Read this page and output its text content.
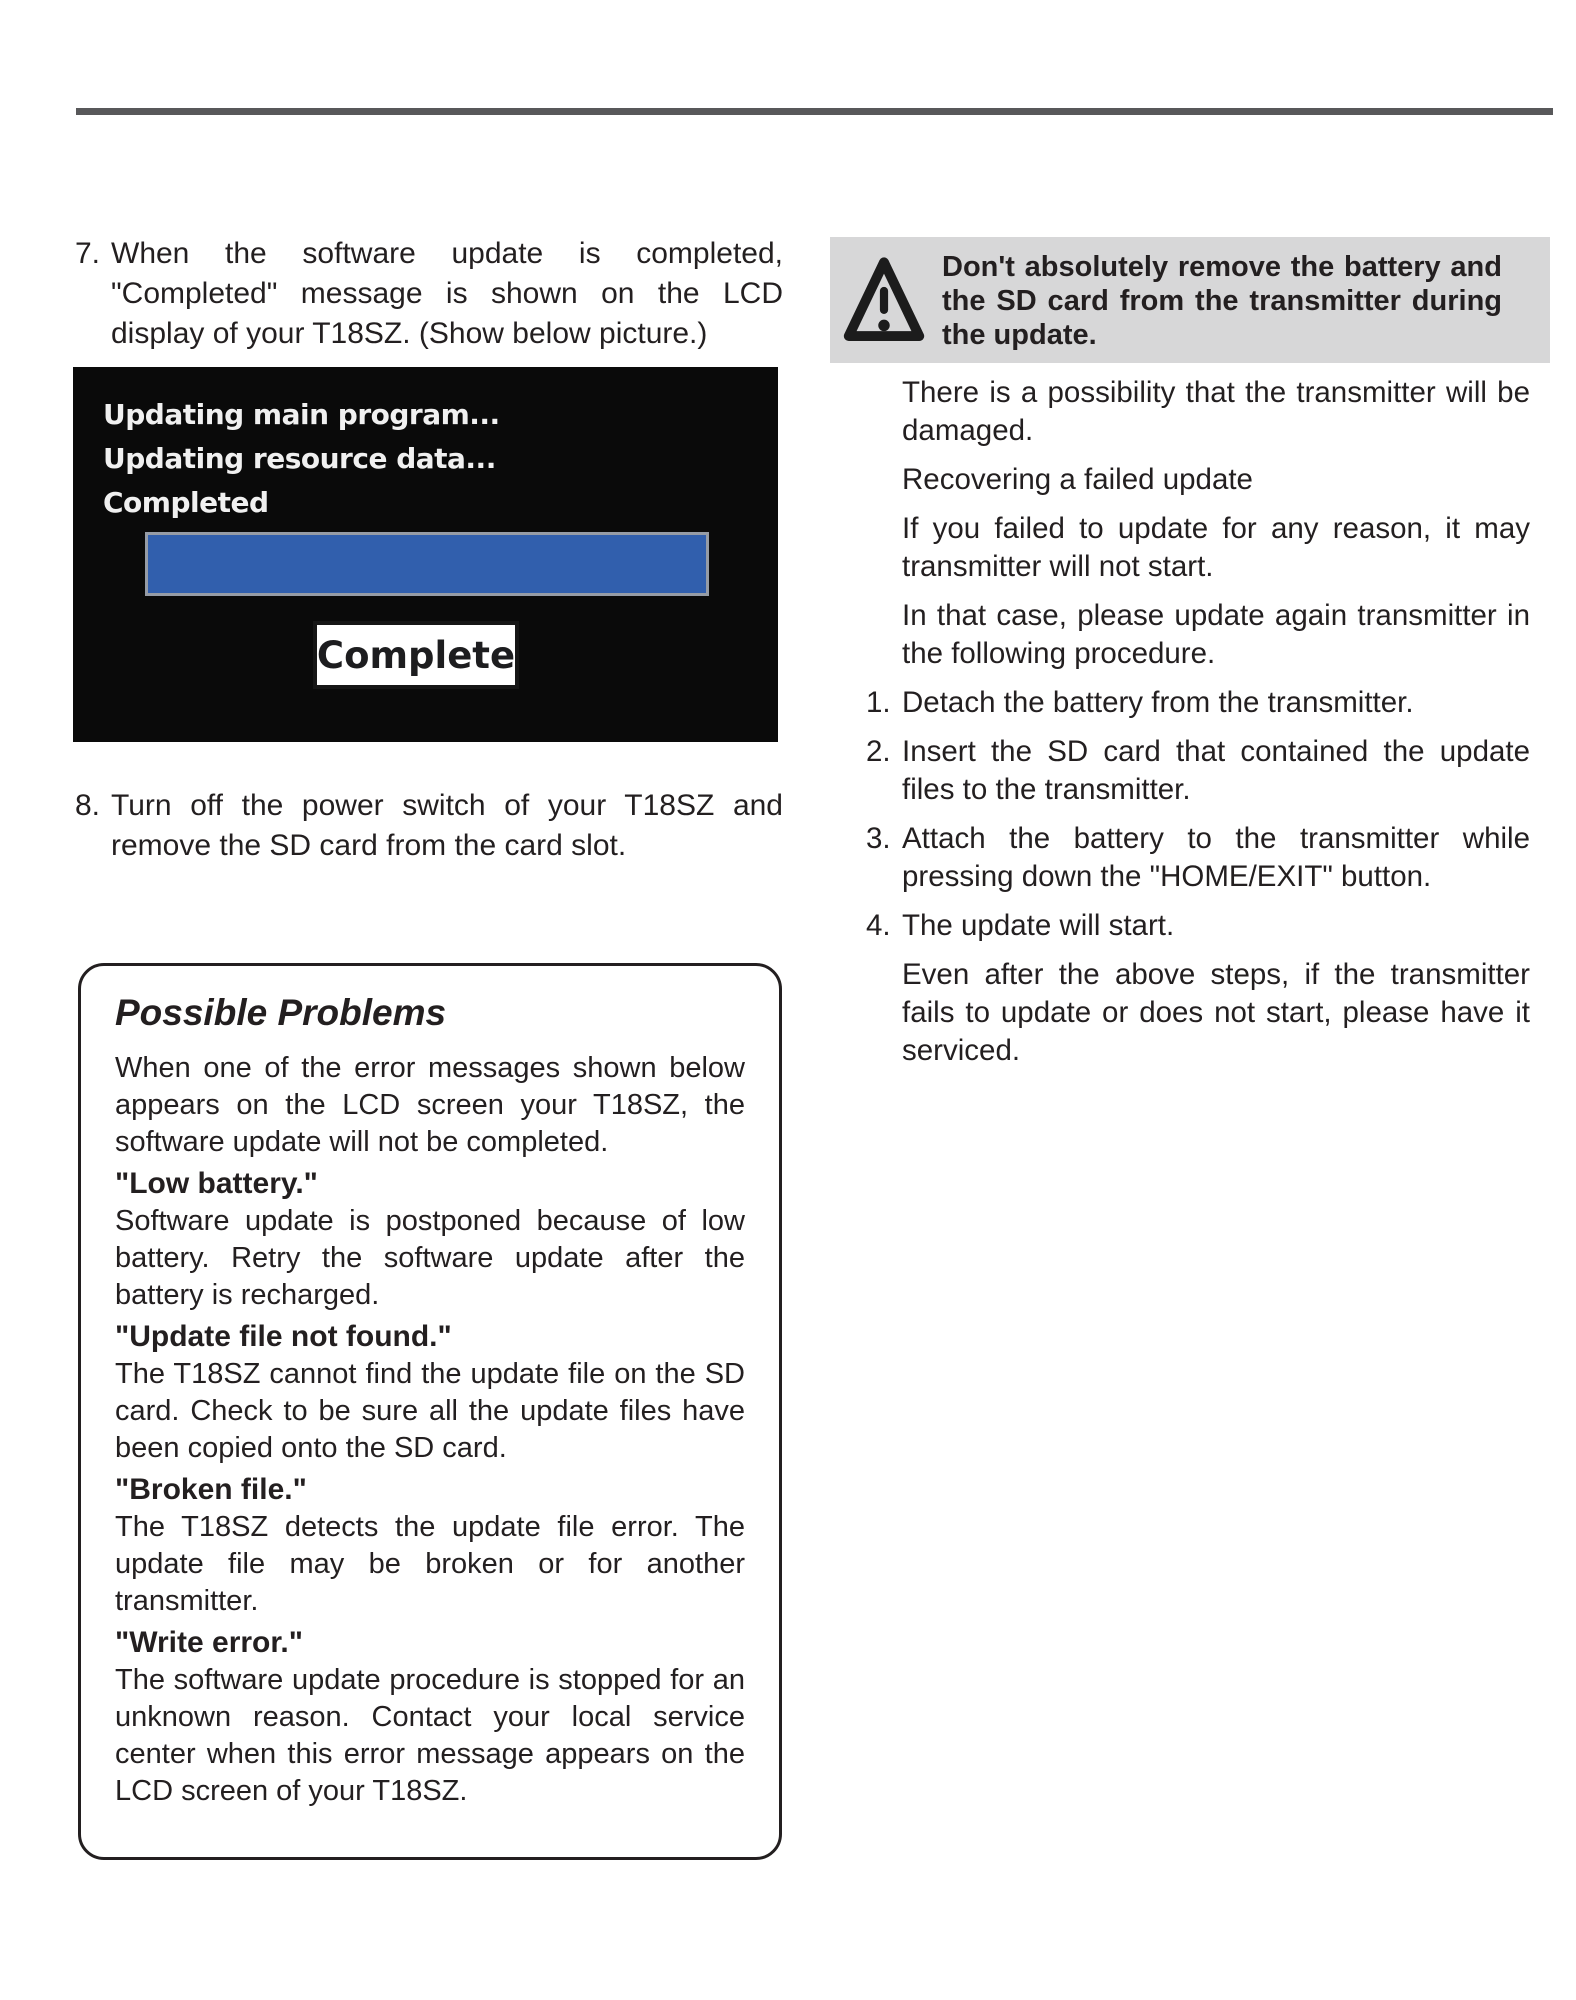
7. When the software update is completed, "Completed" message is shown on the LCD display of your T18SZ. (Show below picture.)
Updating main program...
Updating resource data...
Completed
Complete
8. Turn off the power switch of your T18SZ and remove the SD card from the card slot.
Possible Problems

When one of the error messages shown below appears on the LCD screen your T18SZ, the software update will not be completed.

"Low battery."

Software update is postponed because of low battery. Retry the software update after the battery is recharged.

"Update file not found."

The T18SZ cannot find the update file on the SD card. Check to be sure all the update files have been copied onto the SD card.

"Broken file."

The T18SZ detects the update file error. The update file may be broken or for another transmitter.

"Write error."

The software update procedure is stopped for an unknown reason. Contact your local service center when this error message appears on the LCD screen of your T18SZ.

Don't absolutely remove the battery and the SD card from the transmitter during the update.

There is a possibility that the transmitter will be damaged.

Recovering a failed update

If you failed to update for any reason, it may transmitter will not start.

In that case, please update again transmitter in the following procedure.

1. Detach the battery from the transmitter.
2. Insert the SD card that contained the update files to the transmitter.
3. Attach the battery to the transmitter while pressing down the "HOME/EXIT" button.
4. The update will start.

Even after the above steps, if the transmitter fails to update or does not start, please have it serviced.
